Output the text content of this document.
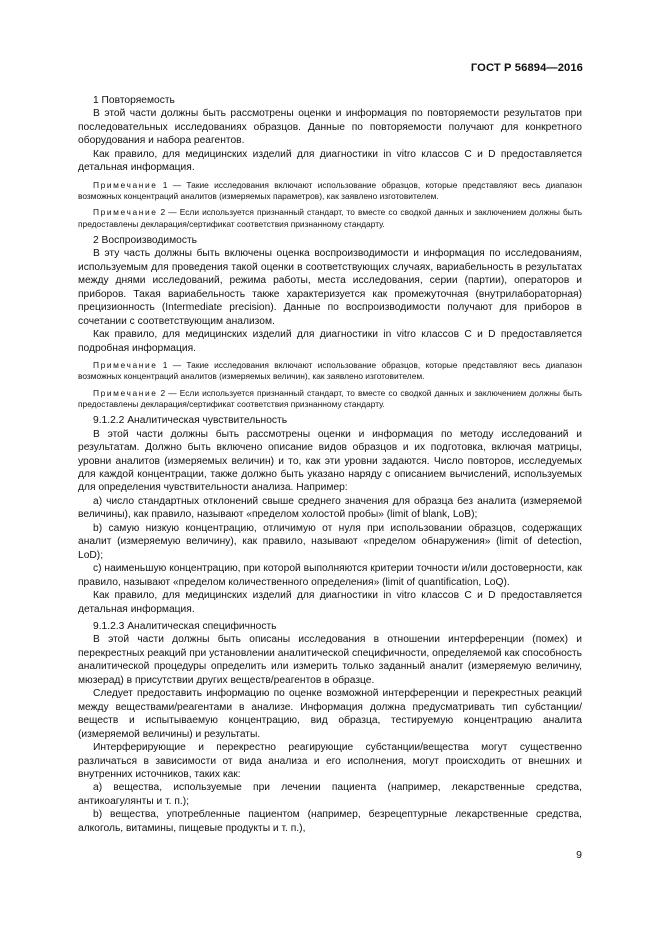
ГОСТ Р 56894—2016

1 Повторяемость

В этой части должны быть рассмотрены оценки и информация по повторяемости результатов при последовательных исследованиях образцов. Данные по повторяемости получают для конкретного оборудования и набора реагентов.

Как правило, для медицинских изделий для диагностики in vitro классов C и D предоставляется детальная информация.

Примечание 1 — Такие исследования включают использование образцов, которые представляют весь диапазон возможных концентраций аналитов (измеряемых параметров), как заявлено изготовителем.

Примечание 2 — Если используется признанный стандарт, то вместе со сводкой данных и заключением должны быть предоставлены декларация/сертификат соответствия признанному стандарту.

2 Воспроизводимость

В эту часть должны быть включены оценка воспроизводимости и информация по исследованиям, используемым для проведения такой оценки в соответствующих случаях, вариабельность в результатах между днями исследований, режима работы, места исследования, серии (партии), операторов и приборов. Такая вариабельность также характеризуется как промежуточная (внутрилабораторная) прецизионность (Intermediate precision). Данные по воспроизводимости получают для приборов в сочетании с соответствующим анализом.

Как правило, для медицинских изделий для диагностики in vitro классов C и D предоставляется подробная информация.

Примечание 1 — Такие исследования включают использование образцов, которые представляют весь диапазон возможных концентраций аналитов (измеряемых величин), как заявлено изготовителем.

Примечание 2 — Если используется признанный стандарт, то вместе со сводкой данных и заключением должны быть предоставлены декларация/сертификат соответствия признанному стандарту.

9.1.2.2 Аналитическая чувствительность

В этой части должны быть рассмотрены оценки и информация по методу исследований и результатам. Должно быть включено описание видов образцов и их подготовка, включая матрицы, уровни аналитов (измеряемых величин) и то, как эти уровни задаются. Число повторов, исследуемых для каждой концентрации, также должно быть указано наряду с описанием вычислений, используемых для определения чувствительности анализа. Например:

a) число стандартных отклонений свыше среднего значения для образца без аналита (измеряемой величины), как правило, называют «пределом холостой пробы» (limit of blank, LoB);

b) самую низкую концентрацию, отличимую от нуля при использовании образцов, содержащих аналит (измеряемую величину), как правило, называют «пределом обнаружения» (limit of detection, LoD);

c) наименьшую концентрацию, при которой выполняются критерии точности и/или достоверности, как правило, называют «пределом количественного определения» (limit of quantification, LoQ).

Как правило, для медицинских изделий для диагностики in vitro классов C и D предоставляется детальная информация.

9.1.2.3 Аналитическая специфичность

В этой части должны быть описаны исследования в отношении интерференции (помех) и перекрестных реакций при установлении аналитической специфичности, определяемой как способность аналитической процедуры определить или измерить только заданный аналит (измеряемую величину, мюзерад) в присутствии других веществ/реагентов в образце.

Следует предоставить информацию по оценке возможной интерференции и перекрестных реакций между веществами/реагентами в анализе. Информация должна предусматривать тип субстанции/веществ и испытываемую концентрацию, вид образца, тестируемую концентрацию аналита (измеряемой величины) и результаты.

Интерферирующие и перекрестно реагирующие субстанции/вещества могут существенно различаться в зависимости от вида анализа и его исполнения, могут происходить от внешних и внутренних источников, таких как:

a) вещества, используемые при лечении пациента (например, лекарственные средства, антикоагулянты и т. п.);

b) вещества, употребленные пациентом (например, безрецептурные лекарственные средства, алкоголь, витамины, пищевые продукты и т. п.),

9
